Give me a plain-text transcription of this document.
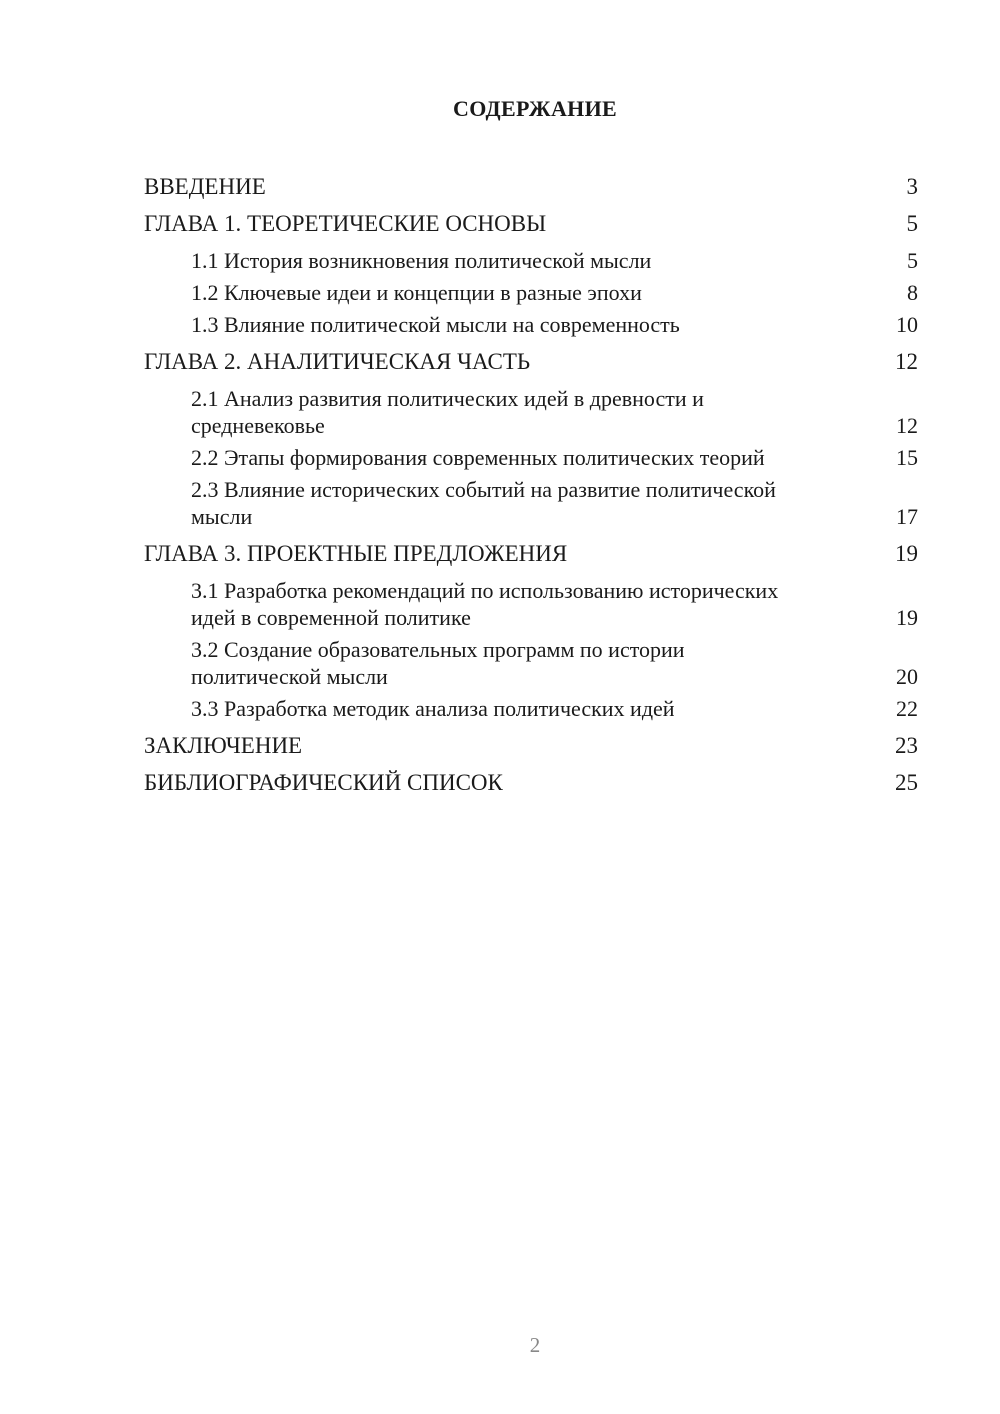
СОДЕРЖАНИЕ
ВВЕДЕНИЕ	3
ГЛАВА 1. ТЕОРЕТИЧЕСКИЕ ОСНОВЫ	5
1.1 История возникновения политической мысли	5
1.2 Ключевые идеи и концепции в разные эпохи	8
1.3 Влияние политической мысли на современность	10
ГЛАВА 2. АНАЛИТИЧЕСКАЯ ЧАСТЬ	12
2.1 Анализ развития политических идей в древности и средневековье	12
2.2 Этапы формирования современных политических теорий	15
2.3 Влияние исторических событий на развитие политической мысли	17
ГЛАВА 3. ПРОЕКТНЫЕ ПРЕДЛОЖЕНИЯ	19
3.1 Разработка рекомендаций по использованию исторических идей в современной политике	19
3.2 Создание образовательных программ по истории политической мысли	20
3.3 Разработка методик анализа политических идей	22
ЗАКЛЮЧЕНИЕ	23
БИБЛИОГРАФИЧЕСКИЙ СПИСОК	25
2
